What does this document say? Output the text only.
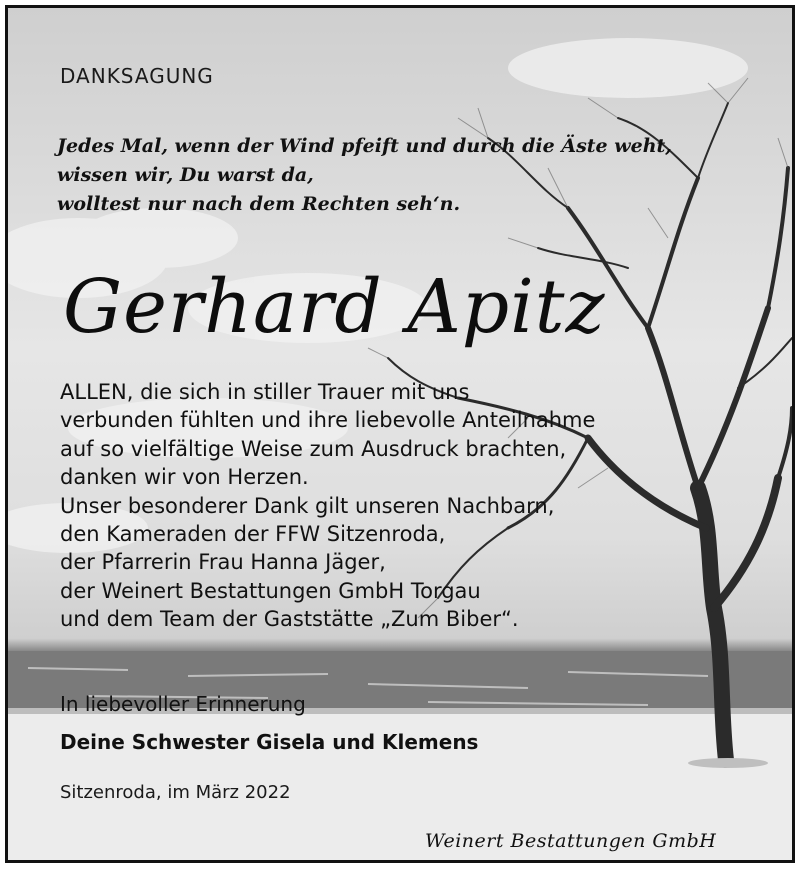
DANKSAGUNG
Jedes Mal, wenn der Wind pfeift und durch die Äste weht,
wissen wir, Du warst da,
wolltest nur nach dem Rechten seh‘n.
Gerhard Apitz
ALLEN, die sich in stiller Trauer mit uns
verbunden fühlten und ihre liebevolle Anteilnahme
auf so vielfältige Weise zum Ausdruck brachten,
danken wir von Herzen.
Unser besonderer Dank gilt unseren Nachbarn,
den Kameraden der FFW Sitzenroda,
der Pfarrerin Frau Hanna Jäger,
der Weinert Bestattungen GmbH Torgau
und dem Team der Gaststätte „Zum Biber“.
In liebevoller Erinnerung
Deine Schwester Gisela und Klemens
Sitzenroda, im März 2022
Weinert Bestattungen GmbH
